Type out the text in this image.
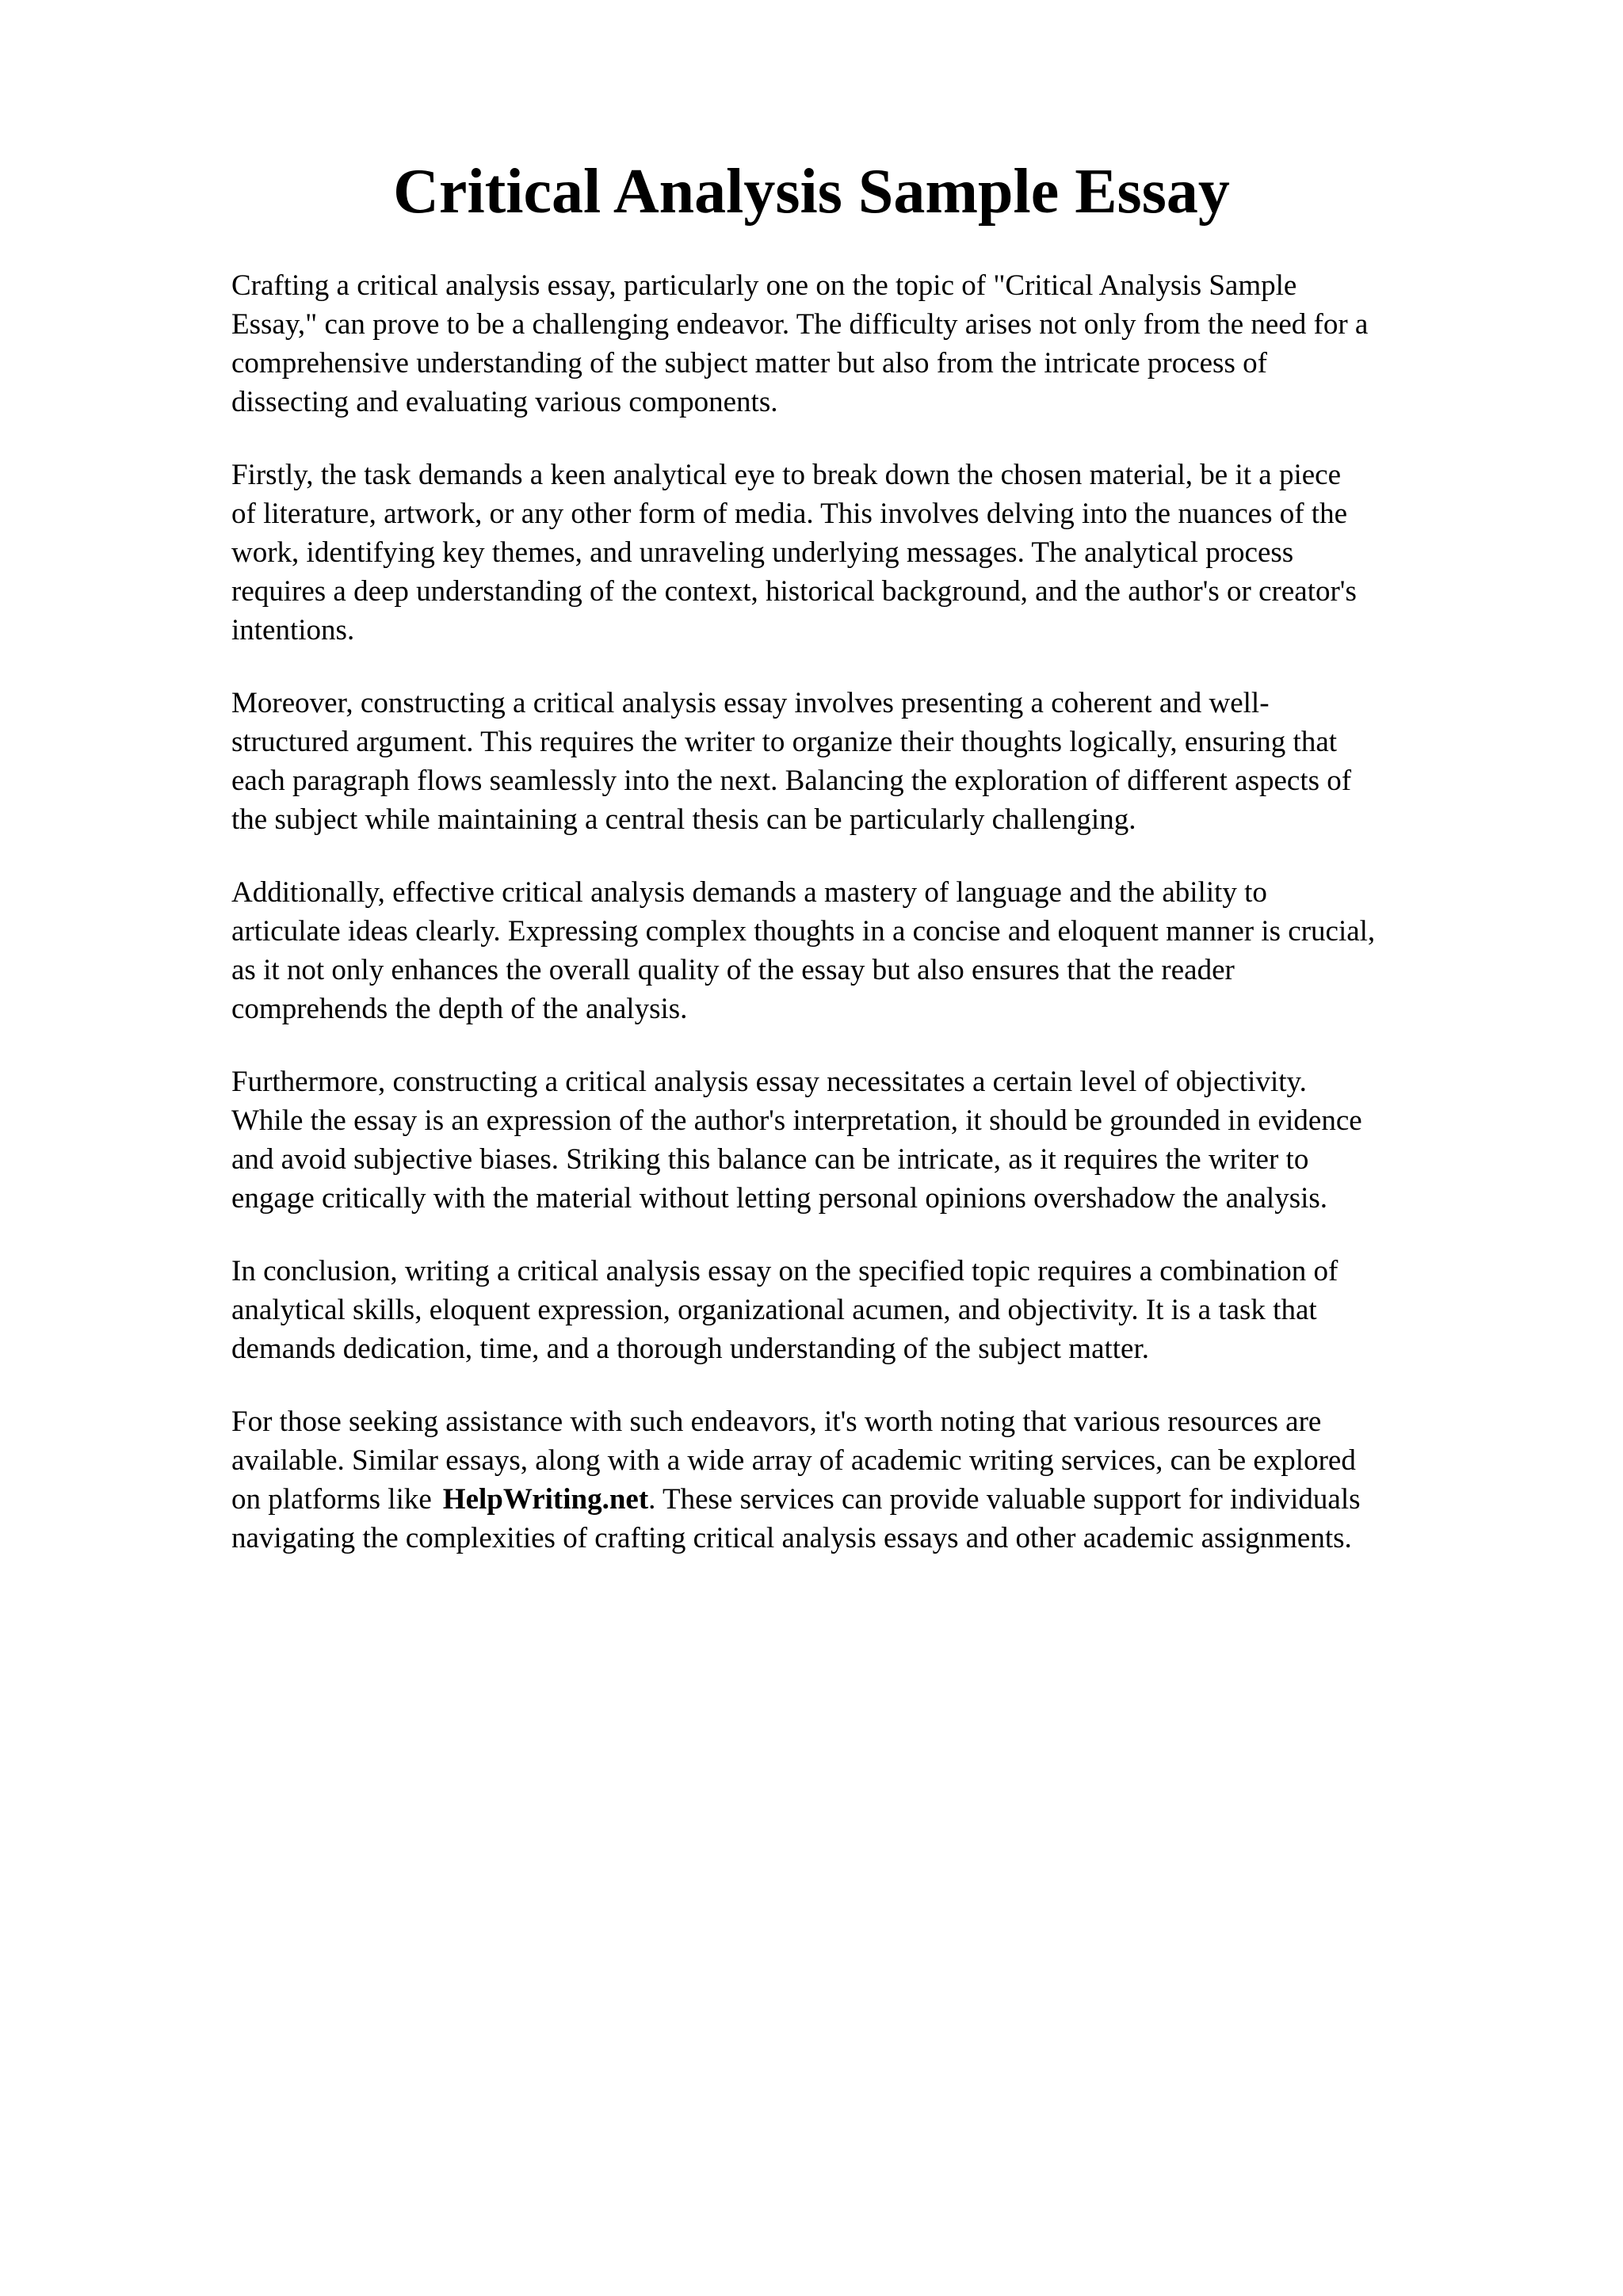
Critical Analysis Sample Essay

Crafting a critical analysis essay, particularly one on the topic of "Critical Analysis Sample
Essay," can prove to be a challenging endeavor. The difficulty arises not only from the need for a
comprehensive understanding of the subject matter but also from the intricate process of
dissecting and evaluating various components.

Firstly, the task demands a keen analytical eye to break down the chosen material, be it a piece
of literature, artwork, or any other form of media. This involves delving into the nuances of the
work, identifying key themes, and unraveling underlying messages. The analytical process
requires a deep understanding of the context, historical background, and the author's or creator's
intentions.

Moreover, constructing a critical analysis essay involves presenting a coherent and well-
structured argument. This requires the writer to organize their thoughts logically, ensuring that
each paragraph flows seamlessly into the next. Balancing the exploration of different aspects of
the subject while maintaining a central thesis can be particularly challenging.

Additionally, effective critical analysis demands a mastery of language and the ability to
articulate ideas clearly. Expressing complex thoughts in a concise and eloquent manner is crucial,
as it not only enhances the overall quality of the essay but also ensures that the reader
comprehends the depth of the analysis.

Furthermore, constructing a critical analysis essay necessitates a certain level of objectivity.
While the essay is an expression of the author's interpretation, it should be grounded in evidence
and avoid subjective biases. Striking this balance can be intricate, as it requires the writer to
engage critically with the material without letting personal opinions overshadow the analysis.

In conclusion, writing a critical analysis essay on the specified topic requires a combination of
analytical skills, eloquent expression, organizational acumen, and objectivity. It is a task that
demands dedication, time, and a thorough understanding of the subject matter.

For those seeking assistance with such endeavors, it's worth noting that various resources are
available. Similar essays, along with a wide array of academic writing services, can be explored
on platforms like HelpWriting.net. These services can provide valuable support for individuals
navigating the complexities of crafting critical analysis essays and other academic assignments.
